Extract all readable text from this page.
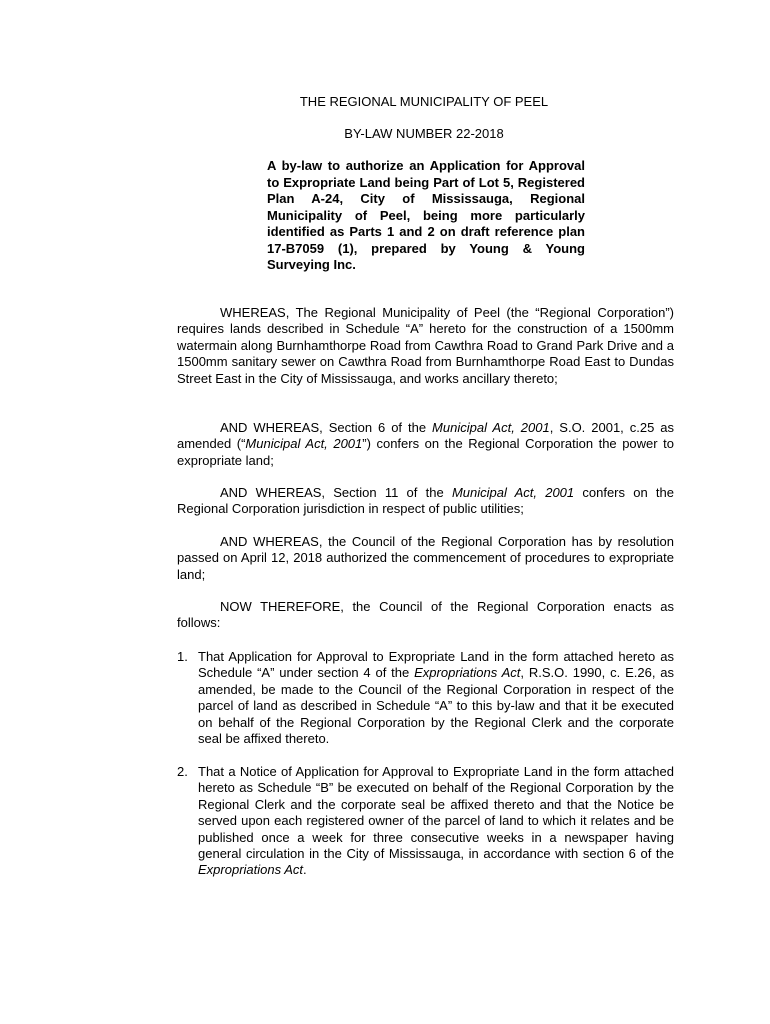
THE REGIONAL MUNICIPALITY OF PEEL
BY-LAW NUMBER 22-2018
A by-law to authorize an Application for Approval to Expropriate Land being Part of Lot 5, Registered Plan A-24, City of Mississauga, Regional Municipality of Peel, being more particularly identified as Parts 1 and 2 on draft reference plan 17-B7059 (1), prepared by Young & Young Surveying Inc.

WHEREAS, The Regional Municipality of Peel (the “Regional Corporation”) requires lands described in Schedule “A” hereto for the construction of a 1500mm watermain along Burnhamthorpe Road from Cawthra Road to Grand Park Drive and a 1500mm sanitary sewer on Cawthra Road from Burnhamthorpe Road East to Dundas Street East in the City of Mississauga, and works ancillary thereto;

AND WHEREAS, Section 6 of the Municipal Act, 2001, S.O. 2001, c.25 as amended (“Municipal Act, 2001”) confers on the Regional Corporation the power to expropriate land;

AND WHEREAS, Section 11 of the Municipal Act, 2001 confers on the Regional Corporation jurisdiction in respect of public utilities;

AND WHEREAS, the Council of the Regional Corporation has by resolution passed on April 12, 2018 authorized the commencement of procedures to expropriate land;

NOW THEREFORE, the Council of the Regional Corporation enacts as follows:

1. That Application for Approval to Expropriate Land in the form attached hereto as Schedule “A” under section 4 of the Expropriations Act, R.S.O. 1990, c. E.26, as amended, be made to the Council of the Regional Corporation in respect of the parcel of land as described in Schedule “A” to this by-law and that it be executed on behalf of the Regional Corporation by the Regional Clerk and the corporate seal be affixed thereto.
2. That a Notice of Application for Approval to Expropriate Land in the form attached hereto as Schedule “B” be executed on behalf of the Regional Corporation by the Regional Clerk and the corporate seal be affixed thereto and that the Notice be served upon each registered owner of the parcel of land to which it relates and be published once a week for three consecutive weeks in a newspaper having general circulation in the City of Mississauga, in accordance with section 6 of the Expropriations Act.
